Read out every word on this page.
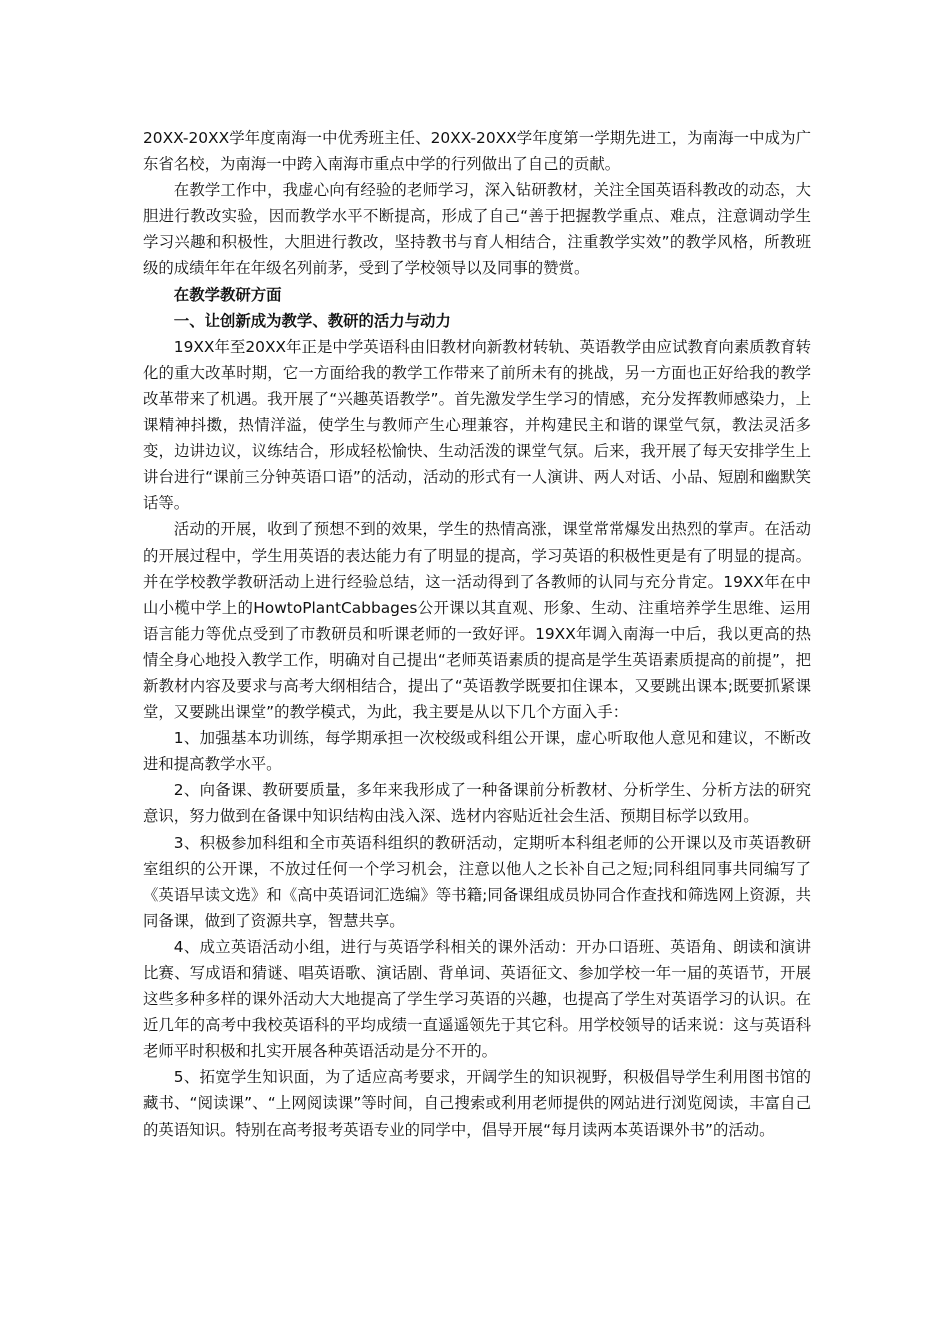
20XX-20XX学年度南海一中优秀班主任、20XX-20XX学年度第一学期先进工，为南海一中成为广东省名校，为南海一中跨入南海市重点中学的行列做出了自己的贡献。

在教学工作中，我虚心向有经验的老师学习，深入钻研教材，关注全国英语科教改的动态，大胆进行教改实验，因而教学水平不断提高，形成了自己“善于把握教学重点、难点，注意调动学生学习兴趣和积极性，大胆进行教改，坚持教书与育人相结合，注重教学实效”的教学风格，所教班级的成绩年年在年级名列前茅，受到了学校领导以及同事的赞赏。

在教学教研方面

一、让创新成为教学、教研的活力与动力

19XX年至20XX年正是中学英语科由旧教材向新教材转轨、英语教学由应试教育向素质教育转化的重大改革时期，它一方面给我的教学工作带来了前所未有的挑战，另一方面也正好给我的教学改革带来了机遇。我开展了“兴趣英语教学”。首先激发学生学习的情感，充分发挥教师感染力，上课精神抖擞，热情洋溢，使学生与教师产生心理兼容，并构建民主和谐的课堂气氛，教法灵活多变，边讲边议，议练结合，形成轻松愉快、生动活泼的课堂气氛。后来，我开展了每天安排学生上讲台进行“课前三分钟英语口语”的活动，活动的形式有一人演讲、两人对话、小品、短剧和幽默笑话等。

活动的开展，收到了预想不到的效果，学生的热情高涨，课堂常常爆发出热烈的掌声。在活动的开展过程中，学生用英语的表达能力有了明显的提高，学习英语的积极性更是有了明显的提高。并在学校教学教研活动上进行经验总结，这一活动得到了各教师的认同与充分肯定。19XX年在中山小榄中学上的HowtoPlantCabbages公开课以其直观、形象、生动、注重培养学生思维、运用语言能力等优点受到了市教研员和听课老师的一致好评。19XX年调入南海一中后，我以更高的热情全身心地投入教学工作，明确对自己提出“老师英语素质的提高是学生英语素质提高的前提”，把新教材内容及要求与高考大纲相结合，提出了“英语教学既要扣住课本，又要跳出课本;既要抓紧课堂，又要跳出课堂”的教学模式，为此，我主要是从以下几个方面入手：

1、加强基本功训练，每学期承担一次校级或科组公开课，虚心听取他人意见和建议，不断改进和提高教学水平。

2、向备课、教研要质量，多年来我形成了一种备课前分析教材、分析学生、分析方法的研究意识，努力做到在备课中知识结构由浅入深、选材内容贴近社会生活、预期目标学以致用。

3、积极参加科组和全市英语科组织的教研活动，定期听本科组老师的公开课以及市英语教研室组织的公开课，不放过任何一个学习机会，注意以他人之长补自己之短;同科组同事共同编写了《英语早读文选》和《高中英语词汇选编》等书籍;同备课组成员协同合作查找和筛选网上资源，共同备课，做到了资源共享，智慧共享。

4、成立英语活动小组，进行与英语学科相关的课外活动：开办口语班、英语角、朗读和演讲比赛、写成语和猜谜、唱英语歌、演话剧、背单词、英语征文、参加学校一年一届的英语节，开展这些多种多样的课外活动大大地提高了学生学习英语的兴趣，也提高了学生对英语学习的认识。在近几年的高考中我校英语科的平均成绩一直遥遥领先于其它科。用学校领导的话来说：这与英语科老师平时积极和扎实开展各种英语活动是分不开的。

5、拓宽学生知识面，为了适应高考要求，开阔学生的知识视野，积极倡导学生利用图书馆的藏书、“阅读课”、“上网阅读课”等时间，自己搜索或利用老师提供的网站进行浏览阅读，丰富自己的英语知识。特别在高考报考英语专业的同学中，倡导开展“每月读两本英语课外书”的活动。
